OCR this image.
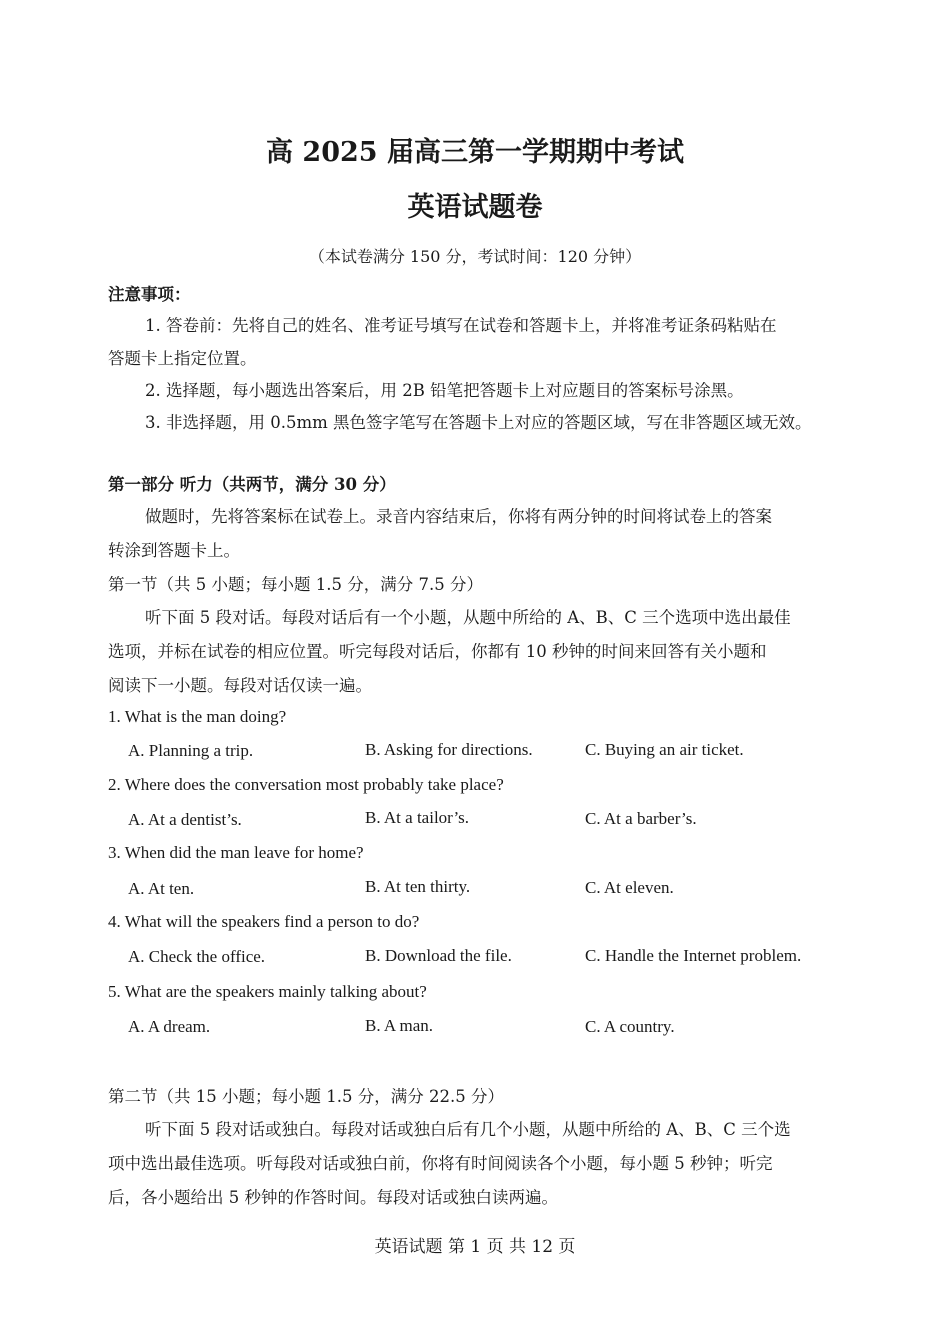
高 2025 届高三第一学期期中考试
英语试题卷
（本试卷满分 150 分，考试时间：120 分钟）
注意事项：
1. 答卷前：先将自己的姓名、准考证号填写在试卷和答题卡上，并将准考证条码粘贴在
答题卡上指定位置。
2. 选择题，每小题选出答案后，用 2B 铅笔把答题卡上对应题目的答案标号涂黑。
3. 非选择题，用 0.5mm 黑色签字笔写在答题卡上对应的答题区域，写在非答题区域无效。
第一部分 听力（共两节，满分 30 分）
做题时，先将答案标在试卷上。录音内容结束后，你将有两分钟的时间将试卷上的答案
转涂到答题卡上。
第一节（共 5 小题；每小题 1.5 分，满分 7.5 分）
听下面 5 段对话。每段对话后有一个小题，从题中所给的 A、B、C 三个选项中选出最佳
选项，并标在试卷的相应位置。听完每段对话后，你都有 10 秒钟的时间来回答有关小题和
阅读下一小题。每段对话仅读一遍。
1. What is the man doing?
A. Planning a trip.	B. Asking for directions.	C. Buying an air ticket.
2. Where does the conversation most probably take place?
A. At a dentist’s.	B. At a tailor’s.	C. At a barber’s.
3. When did the man leave for home?
A. At ten.	B. At ten thirty.	C. At eleven.
4. What will the speakers find a person to do?
A. Check the office.	B. Download the file.	C. Handle the Internet problem.
5. What are the speakers mainly talking about?
A. A dream.	B. A man.	C. A country.
第二节（共 15 小题；每小题 1.5 分，满分 22.5 分）
听下面 5 段对话或独白。每段对话或独白后有几个小题，从题中所给的 A、B、C 三个选
项中选出最佳选项。听每段对话或独白前，你将有时间阅读各个小题，每小题 5 秒钟；听完
后，各小题给出 5 秒钟的作答时间。每段对话或独白读两遍。
英语试题 第 1 页 共 12 页
